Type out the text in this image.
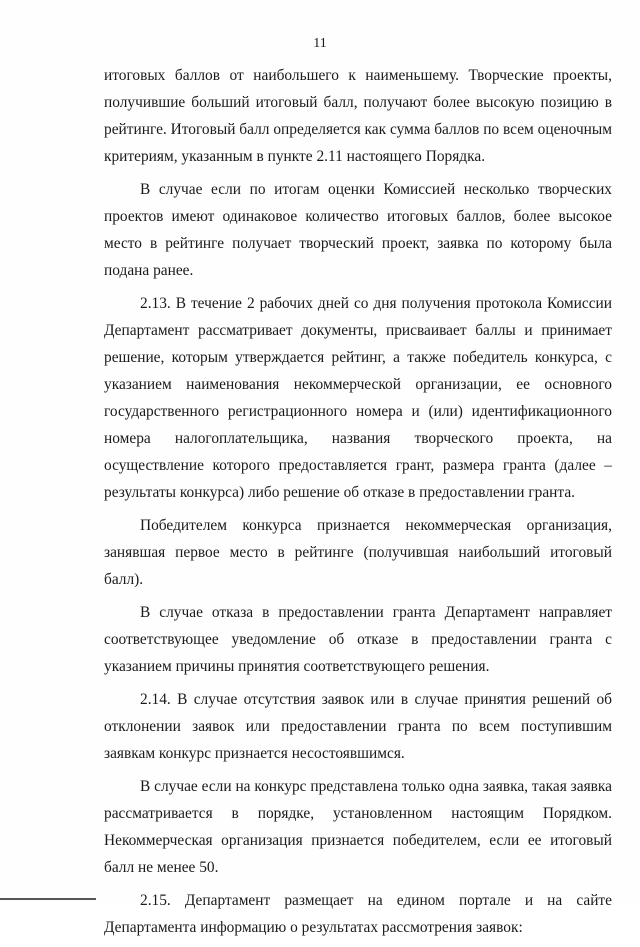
11

итоговых баллов от наибольшего к наименьшему. Творческие проекты, получившие больший итоговый балл, получают более высокую позицию в рейтинге. Итоговый балл определяется как сумма баллов по всем оценочным критериям, указанным в пункте 2.11 настоящего Порядка.

В случае если по итогам оценки Комиссией несколько творческих проектов имеют одинаковое количество итоговых баллов, более высокое место в рейтинге получает творческий проект, заявка по которому была подана ранее.

2.13. В течение 2 рабочих дней со дня получения протокола Комиссии Департамент рассматривает документы, присваивает баллы и принимает решение, которым утверждается рейтинг, а также победитель конкурса, с указанием наименования некоммерческой организации, ее основного государственного регистрационного номера и (или) идентификационного номера налогоплательщика, названия творческого проекта, на осуществление которого предоставляется грант, размера гранта (далее – результаты конкурса) либо решение об отказе в предоставлении гранта.

Победителем конкурса признается некоммерческая организация, занявшая первое место в рейтинге (получившая наибольший итоговый балл).

В случае отказа в предоставлении гранта Департамент направляет соответствующее уведомление об отказе в предоставлении гранта с указанием причины принятия соответствующего решения.

2.14. В случае отсутствия заявок или в случае принятия решений об отклонении заявок или предоставлении гранта по всем поступившим заявкам конкурс признается несостоявшимся.

В случае если на конкурс представлена только одна заявка, такая заявка рассматривается в порядке, установленном настоящим Порядком. Некоммерческая организация признается победителем, если ее итоговый балл не менее 50.

2.15. Департамент размещает на едином портале и на сайте Департамента информацию о результатах рассмотрения заявок:
